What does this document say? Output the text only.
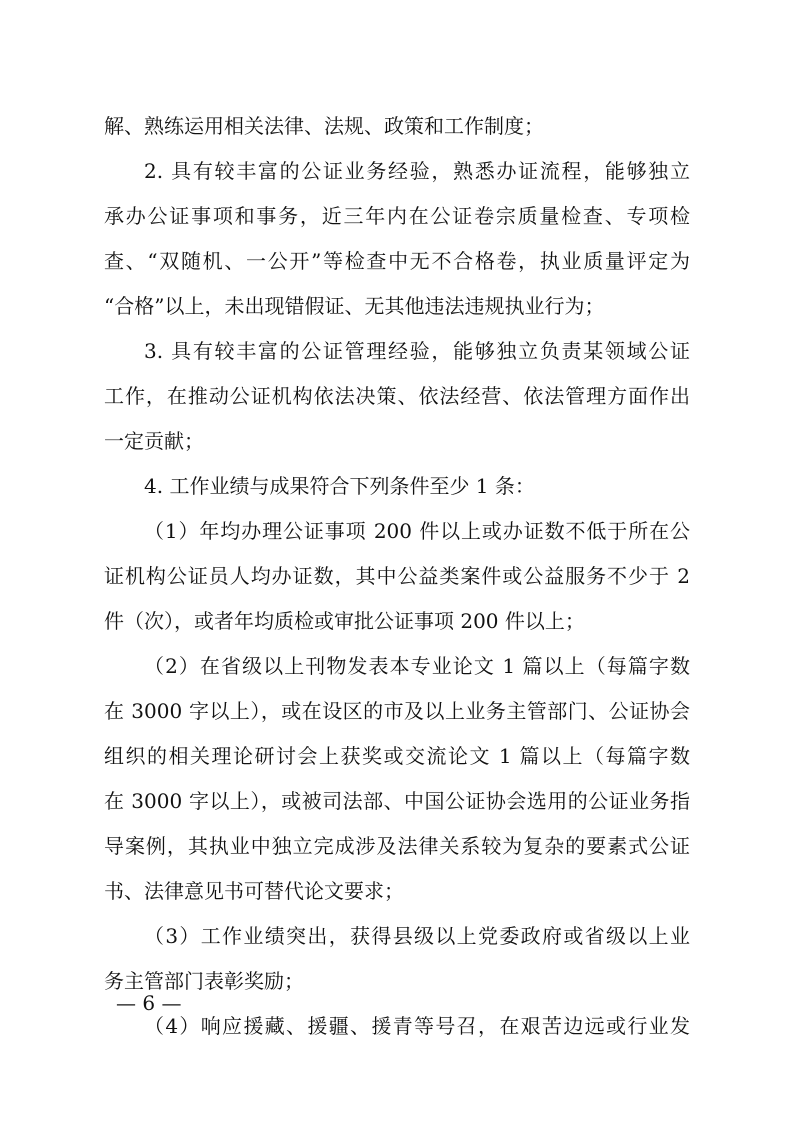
解、熟练运用相关法律、法规、政策和工作制度；
2. 具有较丰富的公证业务经验，熟悉办证流程，能够独立
承办公证事项和事务，近三年内在公证卷宗质量检查、专项检
查、“双随机、一公开”等检查中无不合格卷，执业质量评定为
“合格”以上，未出现错假证、无其他违法违规执业行为；
3. 具有较丰富的公证管理经验，能够独立负责某领域公证
工作，在推动公证机构依法决策、依法经营、依法管理方面作出
一定贡献；
4. 工作业绩与成果符合下列条件至少 1 条：
（1）年均办理公证事项 200 件以上或办证数不低于所在公
证机构公证员人均办证数，其中公益类案件或公益服务不少于 2
件（次），或者年均质检或审批公证事项 200 件以上；
（2）在省级以上刊物发表本专业论文 1 篇以上（每篇字数
在 3000 字以上），或在设区的市及以上业务主管部门、公证协会
组织的相关理论研讨会上获奖或交流论文 1 篇以上（每篇字数
在 3000 字以上），或被司法部、中国公证协会选用的公证业务指
导案例，其执业中独立完成涉及法律关系较为复杂的要素式公证
书、法律意见书可替代论文要求；
（3）工作业绩突出，获得县级以上党委政府或省级以上业
务主管部门表彰奖励；
（4）响应援藏、援疆、援青等号召，在艰苦边远或行业发
— 6 —
